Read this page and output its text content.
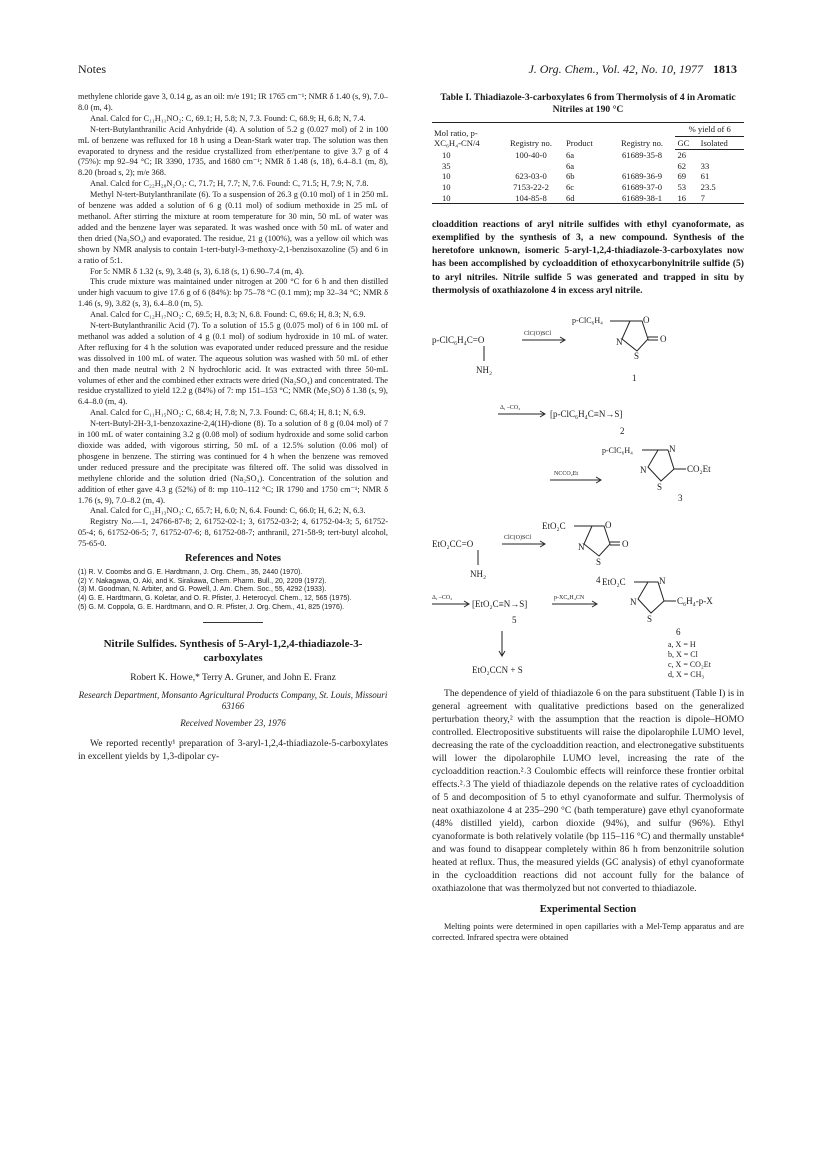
Notes	J. Org. Chem., Vol. 42, No. 10, 1977 1813

methylene chloride gave 3, 0.14 g, as an oil: m/e 191; IR 1765 cm⁻¹; NMR δ 1.40 (s, 9), 7.0–8.0 (m, 4).

Anal. Calcd for C₁₁H₁₁NO₂: C, 69.1; H, 5.8; N, 7.3. Found: C, 68.9; H, 6.8; N, 7.4.

N-tert-Butylanthranilic Acid Anhydride (4). A solution of 5.2 g (0.027 mol) of 2 in 100 mL of benzene was refluxed for 18 h using a Dean-Stark water trap. The solution was then evaporated to dryness and the residue crystallized from ether/pentane to give 3.7 g of 4 (75%): mp 92–94 °C; IR 3390, 1735, and 1680 cm⁻¹; NMR δ 1.48 (s, 18), 6.4–8.1 (m, 8), 8.20 (broad s, 2); m/e 368.

Anal. Calcd for C₂₂H₂₈N₂O₃: C, 71.7; H, 7.7; N, 7.6. Found: C, 71.5; H, 7.9; N, 7.8.

Methyl N-tert-Butylanthranilate (6). To a suspension of 26.3 g (0.10 mol) of 1 in 250 mL of benzene was added a solution of 6 g (0.11 mol) of sodium methoxide in 25 mL of methanol. After stirring the mixture at room temperature for 30 min, 50 mL of water was added and the benzene layer was separated. It was washed once with 50 mL of water and then dried (Na₂SO₄) and evaporated. The residue, 21 g (100%), was a yellow oil which was shown by NMR analysis to contain 1-tert-butyl-3-methoxy-2,1-benzisoxazoline (5) and 6 in a ratio of 5:1.

For 5: NMR δ 1.32 (s, 9), 3.48 (s, 3), 6.18 (s, 1) 6.90–7.4 (m, 4).

This crude mixture was maintained under nitrogen at 200 °C for 6 h and then distilled under high vacuum to give 17.6 g of 6 (84%): bp 75–78 °C (0.1 mm); mp 32–34 °C; NMR δ 1.46 (s, 9), 3.82 (s, 3), 6.4–8.0 (m, 5).

Anal. Calcd for C₁₂H₁₇NO₂: C, 69.5; H, 8.3; N, 6.8. Found: C, 69.6; H, 8.3; N, 6.9.

N-tert-Butylanthranilic Acid (7). To a solution of 15.5 g (0.075 mol) of 6 in 100 mL of methanol was added a solution of 4 g (0.1 mol) of sodium hydroxide in 10 mL of water. After refluxing for 4 h the solution was evaporated under reduced pressure and the residue was dissolved in 100 mL of water. The aqueous solution was washed with 50 mL of ether and then made neutral with 2 N hydrochloric acid. It was extracted with three 50-mL volumes of ether and the combined ether extracts were dried (Na₂SO₄) and concentrated. The residue crystallized to yield 12.2 g (84%) of 7: mp 151–153 °C; NMR (Me₂SO) δ 1.38 (s, 9), 6.4–8.0 (m, 4).

Anal. Calcd for C₁₁H₁₅NO₂: C, 68.4; H, 7.8; N, 7.3. Found: C, 68.4; H, 8.1; N, 6.9.

N-tert-Butyl-2H-3,1-benzoxazine-2,4(1H)-dione (8). To a solution of 8 g (0.04 mol) of 7 in 100 mL of water containing 3.2 g (0.08 mol) of sodium hydroxide and some solid carbon dioxide was added, with vigorous stirring, 50 mL of a 12.5% solution (0.06 mol) of phosgene in benzene. The stirring was continued for 4 h when the benzene was removed under reduced pressure and the precipitate was filtered off. The solid was dissolved in methylene chloride and the solution dried (Na₂SO₄). Concentration of the solution and addition of ether gave 4.3 g (52%) of 8: mp 110–112 °C; IR 1790 and 1750 cm⁻¹; NMR δ 1.76 (s, 9), 7.0–8.2 (m, 4).

Anal. Calcd for C₁₂H₁₃NO₃: C, 65.7; H, 6.0; N, 6.4. Found: C, 66.0; H, 6.2; N, 6.3.

Registry No.—1, 24766-87-8; 2, 61752-02-1; 3, 61752-03-2; 4, 61752-04-3; 5, 61752-05-4; 6, 61752-06-5; 7, 61752-07-6; 8, 61752-08-7; anthranil, 271-58-9; tert-butyl alcohol, 75-65-0.

References and Notes
(1) R. V. Coombs and G. E. Hardtmann, J. Org. Chem., 35, 2440 (1970).
(2) Y. Nakagawa, O. Aki, and K. Sirakawa, Chem. Pharm. Bull., 20, 2209 (1972).
(3) M. Goodman, N. Arbiter, and G. Powell, J. Am. Chem. Soc., 55, 4292 (1933).
(4) G. E. Hardtmann, G. Koletar, and O. R. Pfister, J. Heterocycl. Chem., 12, 565 (1975).
(5) G. M. Coppola, G. E. Hardtmann, and O. R. Pfister, J. Org. Chem., 41, 825 (1976).
Nitrile Sulfides. Synthesis of 5-Aryl-1,2,4-thiadiazole-3-carboxylates
Robert K. Howe,* Terry A. Gruner, and John E. Franz
Research Department, Monsanto Agricultural Products Company, St. Louis, Missouri 63166
Received November 23, 1976

We reported recently¹ preparation of 3-aryl-1,2,4-thiadiazole-5-carboxylates in excellent yields by 1,3-dipolar cy-

Table I. Thiadiazole-3-carboxylates 6 from Thermolysis of 4 in Aromatic Nitriles at 190 °C
Mol ratio, p-XC₆H₄-CN/4	Registry no.	Product	Registry no.	% yield of 6	
				GC	Isolated
10	100-40-0	6a	61689-35-8	26	
35		6a		62	33
10	623-03-0	6b	61689-36-9	69	61
10	7153-22-2	6c	61689-37-0	53	23.5
10	104-85-8	6d	61689-38-1	16	7

cloaddition reactions of aryl nitrile sulfides with ethyl cyanoformate, as exemplified by the synthesis of 3, a new compound. Synthesis of the heretofore unknown, isomeric 5-aryl-1,2,4-thiadiazole-3-carboxylates now has been accomplished by cycloaddition of ethoxycarbonylnitrile sulfide (5) to aryl nitriles. Nitrile sulfide 5 was generated and trapped in situ by thermolysis of oxathiazolone 4 in excess aryl nitrile.

p-ClC₆H₄C=O
NH₂
ClC(O)SCl
p-ClC₆H₄	O
N
S
O
1
Δ, –CO₂
[p-ClC₆H₄C≡N→S]
2
p-ClC₆H₄	N
N
S
CO₂Et
3
NCCO₂Et
EtO₂CC=O
NH₂
ClC(O)SCl
EtO₂C	O
N
S
O
4
Δ, –CO₂
[EtO₂C≡N→S]
5
p-XC₆H₄CN
EtO₂C	N
N
S
C₆H₄-p-X
6
a, X = H
b, X = Cl
c, X = CO₂Et
d, X = CH₃
EtO₂CCN + S

The dependence of yield of thiadiazole 6 on the para substituent (Table I) is in general agreement with qualitative predictions based on the generalized perturbation theory,² with the assumption that the reaction is dipole–HOMO controlled. Electropositive substituents will raise the dipolarophile LUMO level, decreasing the rate of the cycloaddition reaction, and electronegative substituents will lower the dipolarophile LUMO level, increasing the rate of the cycloaddition reaction.²˒3 Coulombic effects will reinforce these frontier orbital effects.²˒3 The yield of thiadiazole depends on the relative rates of cycloaddition of 5 and decomposition of 5 to ethyl cyanoformate and sulfur. Thermolysis of neat oxathiazolone 4 at 235–290 °C (bath temperature) gave ethyl cyanoformate (48% distilled yield), carbon dioxide (94%), and sulfur (96%). Ethyl cyanoformate is both relatively volatile (bp 115–116 °C) and thermally unstable⁴ and was found to disappear completely within 86 h from benzonitrile solution heated at reflux. Thus, the measured yields (GC analysis) of ethyl cyanoformate in the cycloaddition reactions did not account fully for the balance of oxathiazolone that was thermolyzed but not converted to thiadiazole.

Experimental Section

Melting points were determined in open capillaries with a Mel-Temp apparatus and are corrected. Infrared spectra were obtained
